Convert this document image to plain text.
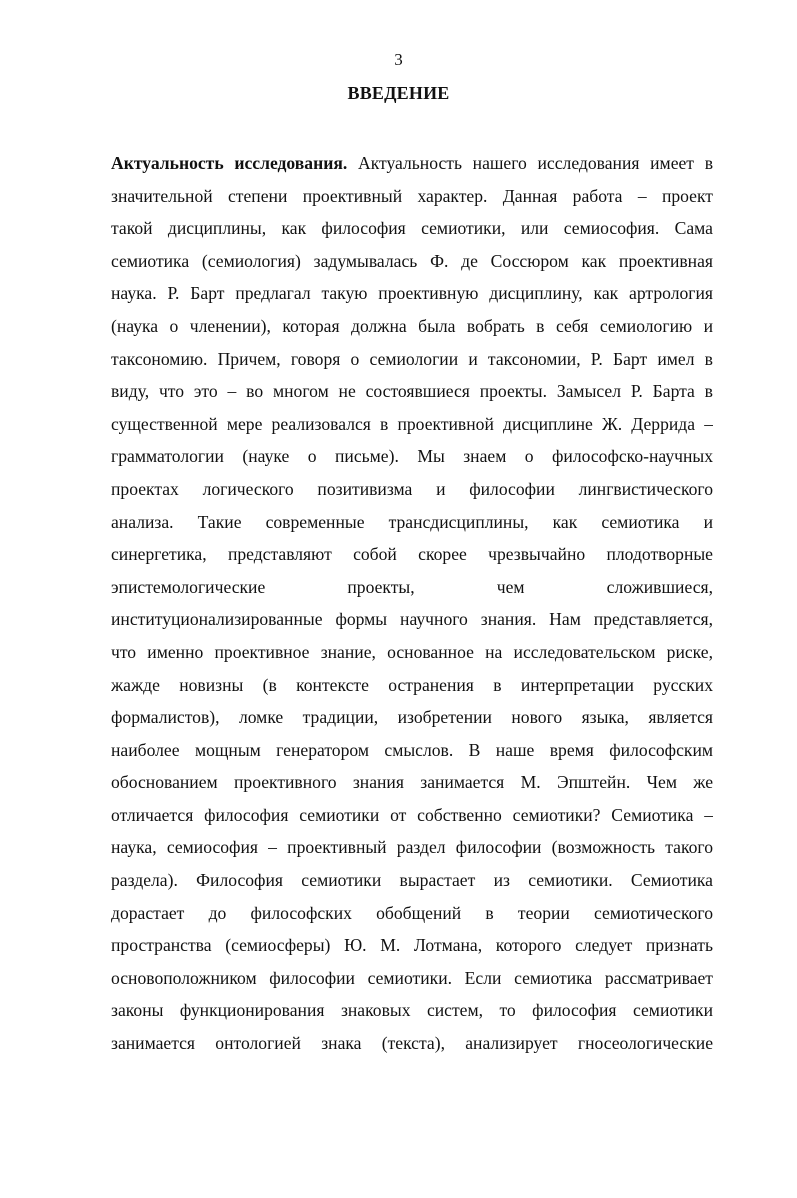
3
ВВЕДЕНИЕ
Актуальность исследования. Актуальность нашего исследования имеет в
значительной степени проективный характер. Данная работа – проект
такой дисциплины, как философия семиотики, или семиософия. Сама
семиотика (семиология) задумывалась Ф. де Соссюром как проективная
наука. Р. Барт предлагал такую проективную дисциплину, как артрология
(наука о членении), которая должна была вобрать в себя семиологию и
таксономию. Причем, говоря о семиологии и таксономии, Р. Барт имел в
виду, что это – во многом не состоявшиеся проекты. Замысел Р. Барта в
существенной мере реализовался в проективной дисциплине Ж. Деррида –
грамматологии (науке о письме). Мы знаем о философско-научных
проектах логического позитивизма и философии лингвистического
анализа. Такие современные трансдисциплины, как семиотика и
синергетика, представляют собой скорее чрезвычайно плодотворные
эпистемологические проекты, чем сложившиеся,
институционализированные формы научного знания. Нам представляется,
что именно проективное знание, основанное на исследовательском риске,
жажде новизны (в контексте остранения в интерпретации русских
формалистов), ломке традиции, изобретении нового языка, является
наиболее мощным генератором смыслов. В наше время философским
обоснованием проективного знания занимается М. Эпштейн. Чем же
отличается философия семиотики от собственно семиотики? Семиотика –
наука, семиософия – проективный раздел философии (возможность такого
раздела). Философия семиотики вырастает из семиотики. Семиотика
дорастает до философских обобщений в теории семиотического
пространства (семиосферы) Ю. М. Лотмана, которого следует признать
основоположником философии семиотики. Если семиотика рассматривает
законы функционирования знаковых систем, то философия семиотики
занимается онтологией знака (текста), анализирует гносеологические
